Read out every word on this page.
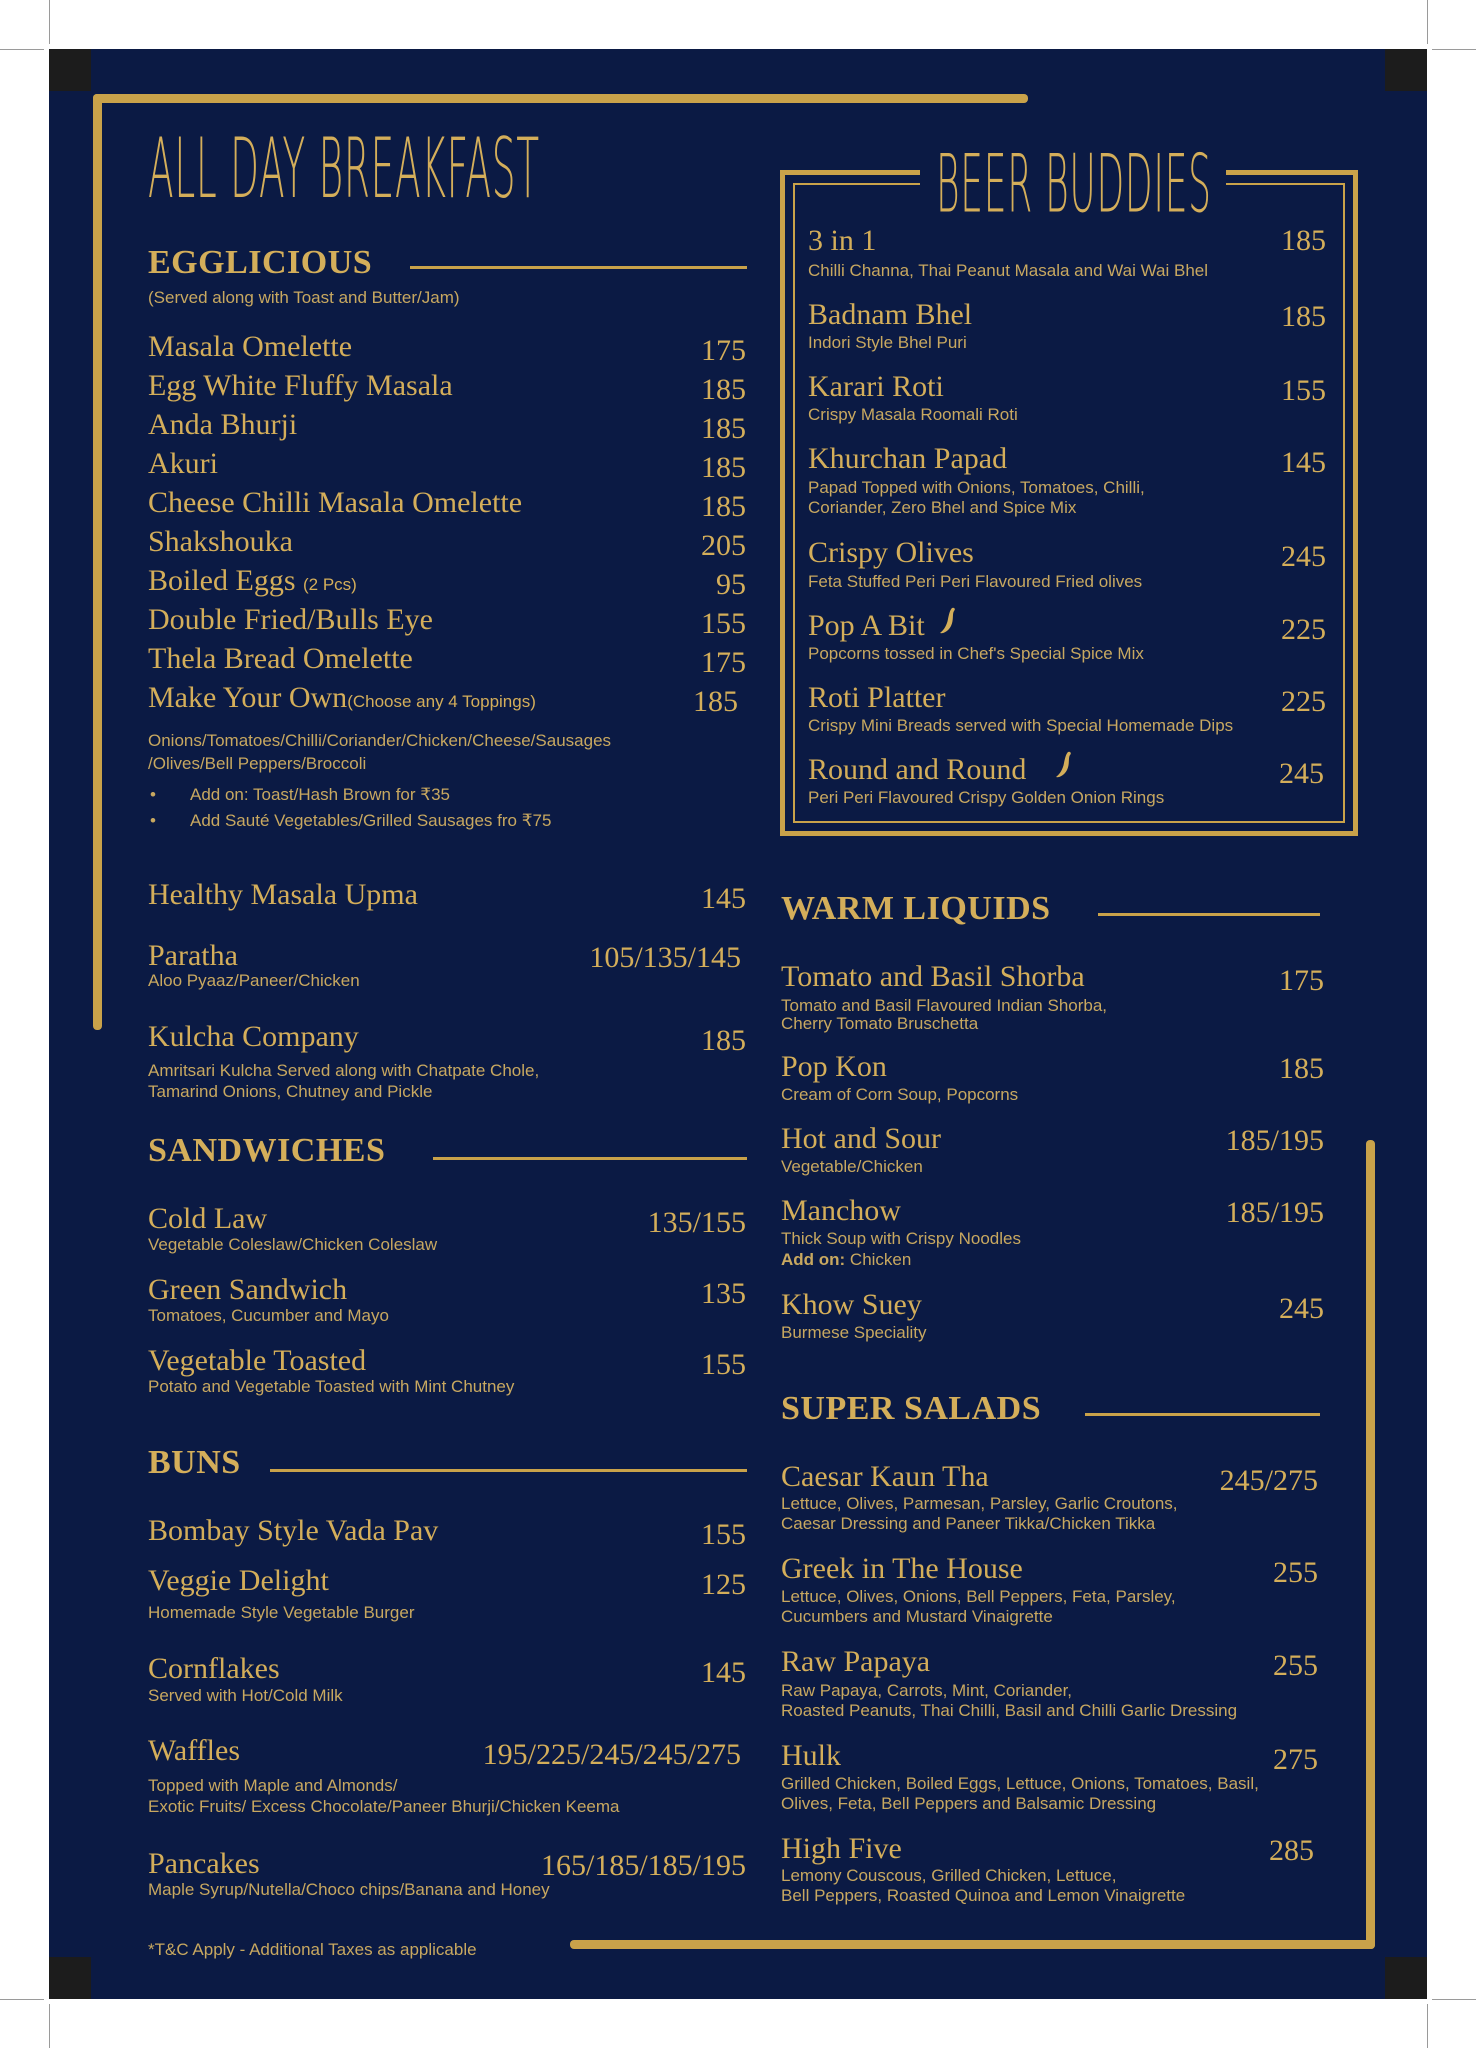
ALL DAY BREAKFAST
EGGLICIOUS
(Served along with Toast and Butter/Jam)
Masala Omelette	175
Egg White Fluffy Masala	185
Anda Bhurji	185
Akuri	185
Cheese Chilli Masala Omelette	185
Shakshouka	205
Boiled Eggs (2 Pcs)	95
Double Fried/Bulls Eye	155
Thela Bread Omelette	175
Make Your Own(Choose any 4 Toppings)	185
Onions/Tomatoes/Chilli/Coriander/Chicken/Cheese/Sausages
/Olives/Bell Peppers/Broccoli
• Add on: Toast/Hash Brown for ₹35
• Add Sauté Vegetables/Grilled Sausages fro ₹75
Healthy Masala Upma	145
Paratha	105/135/145
Aloo Pyaaz/Paneer/Chicken
Kulcha Company	185
Amritsari Kulcha Served along with Chatpate Chole,
Tamarind Onions, Chutney and Pickle
SANDWICHES
Cold Law	135/155
Vegetable Coleslaw/Chicken Coleslaw
Green Sandwich	135
Tomatoes, Cucumber and Mayo
Vegetable Toasted	155
Potato and Vegetable Toasted with Mint Chutney
BUNS
Bombay Style Vada Pav	155
Veggie Delight	125
Homemade Style Vegetable Burger
Cornflakes	145
Served with Hot/Cold Milk
Waffles	195/225/245/245/275
Topped with Maple and Almonds/
Exotic Fruits/ Excess Chocolate/Paneer Bhurji/Chicken Keema
Pancakes	165/185/185/195
Maple Syrup/Nutella/Choco chips/Banana and Honey
*T&C Apply - Additional Taxes as applicable
BEER BUDDIES
3 in 1	185
Chilli Channa, Thai Peanut Masala and Wai Wai Bhel
Badnam Bhel	185
Indori Style Bhel Puri
Karari Roti	155
Crispy Masala Roomali Roti
Khurchan Papad	145
Papad Topped with Onions, Tomatoes, Chilli,
Coriander, Zero Bhel and Spice Mix
Crispy Olives	245
Feta Stuffed Peri Peri Flavoured Fried olives
Pop A Bit	225
Popcorns tossed in Chef's Special Spice Mix
Roti Platter	225
Crispy Mini Breads served with Special Homemade Dips
Round and Round	245
Peri Peri Flavoured Crispy Golden Onion Rings
WARM LIQUIDS
Tomato and Basil Shorba	175
Tomato and Basil Flavoured Indian Shorba,
Cherry Tomato Bruschetta
Pop Kon	185
Cream of Corn Soup, Popcorns
Hot and Sour	185/195
Vegetable/Chicken
Manchow	185/195
Thick Soup with Crispy Noodles
Add on: Chicken
Khow Suey	245
Burmese Speciality
SUPER SALADS
Caesar Kaun Tha	245/275
Lettuce, Olives, Parmesan, Parsley, Garlic Croutons,
Caesar Dressing and Paneer Tikka/Chicken Tikka
Greek in The House	255
Lettuce, Olives, Onions, Bell Peppers, Feta, Parsley,
Cucumbers and Mustard Vinaigrette
Raw Papaya	255
Raw Papaya, Carrots, Mint, Coriander,
Roasted Peanuts, Thai Chilli, Basil and Chilli Garlic Dressing
Hulk	275
Grilled Chicken, Boiled Eggs, Lettuce, Onions, Tomatoes, Basil,
Olives, Feta, Bell Peppers and Balsamic Dressing
High Five	285
Lemony Couscous, Grilled Chicken, Lettuce,
Bell Peppers, Roasted Quinoa and Lemon Vinaigrette
